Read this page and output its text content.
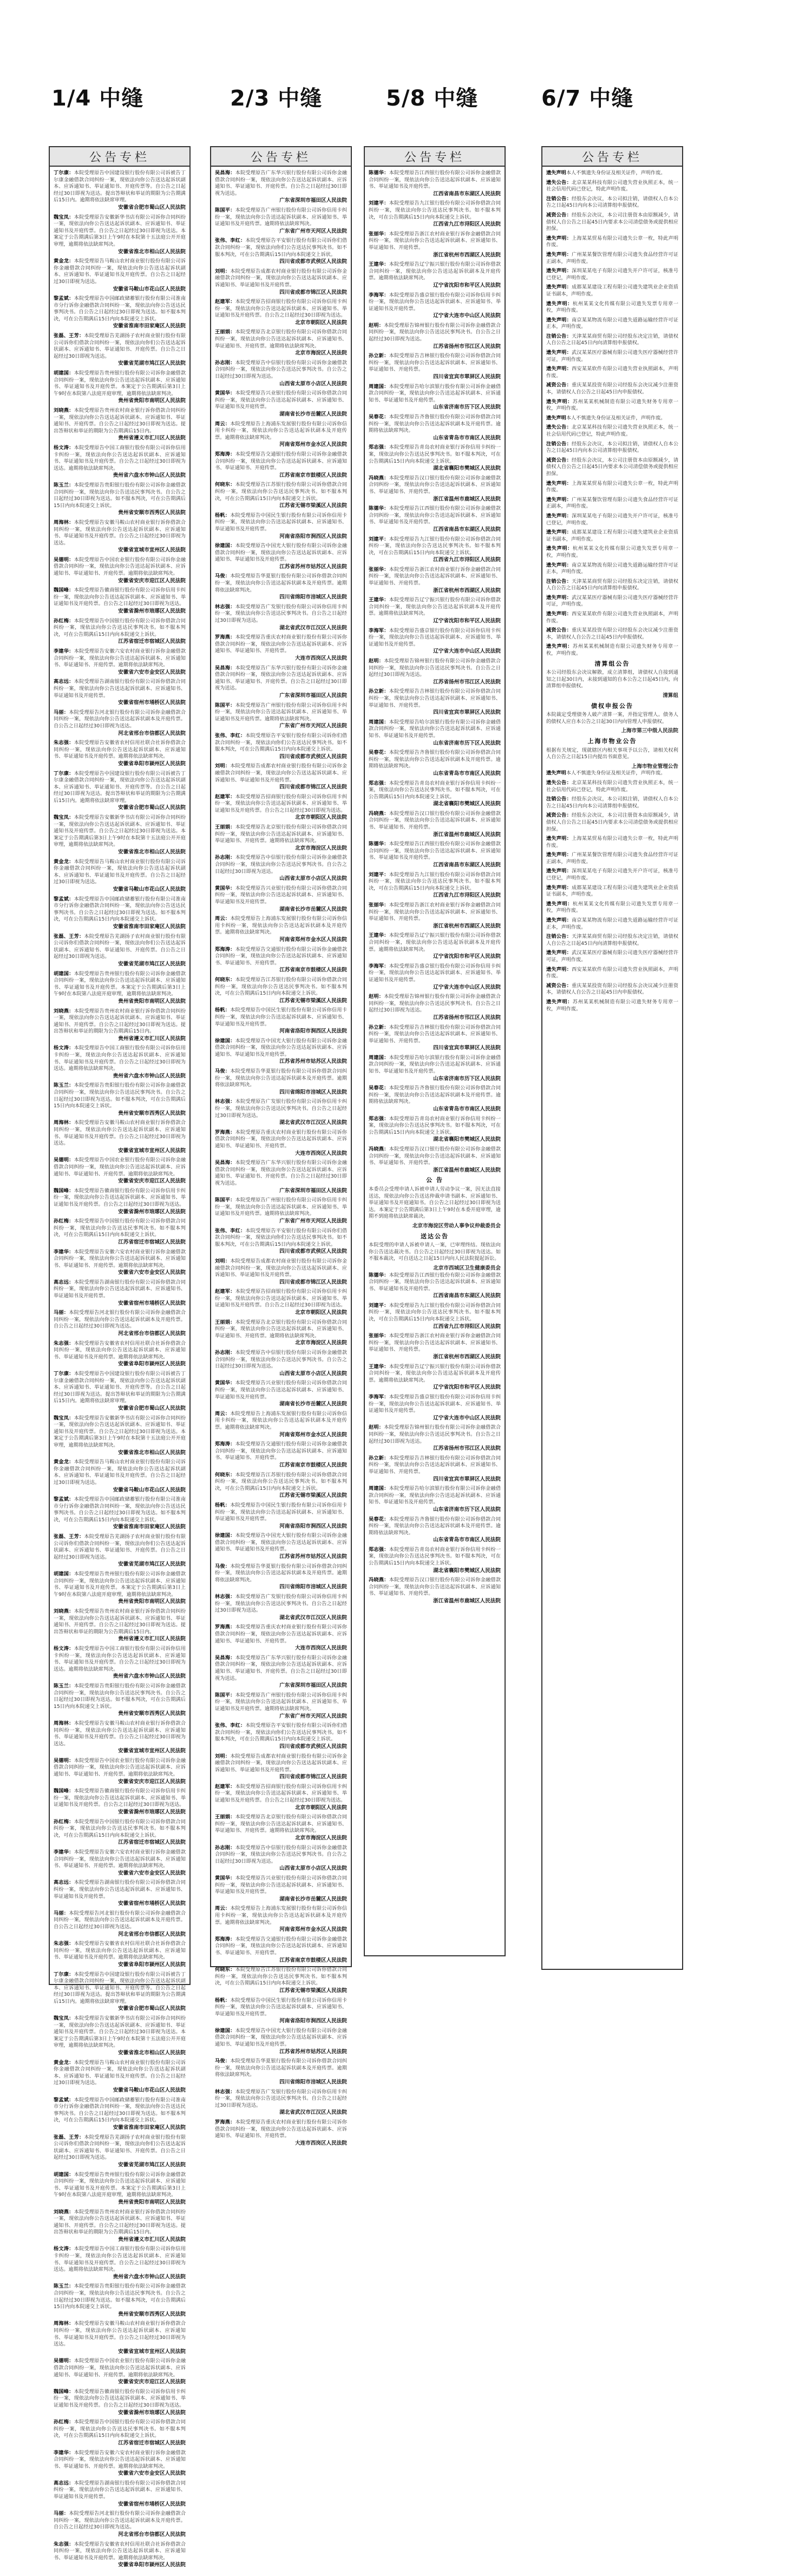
1/4 中缝	2/3 中缝	5/8 中缝	6/7 中缝
公告专栏
丁尔康：本院受理原告中国建设银行股份有限公司诉被告丁尔康金融借款合同纠纷一案，现依法向你公告送达起诉状副本、应诉通知书、举证通知书、开庭传票等。自公告之日起经过30日即视为送达。提出答辩状和举证的期限为公告期满后15日内。逾期将依法缺席审理。
安徽省合肥市蜀山区人民法院
魏宝凤：本院受理原告安徽新华书店有限公司诉你合同纠纷一案，现依法向你公告送达起诉状副本、应诉通知书、举证通知书及开庭传票。自公告之日起经过30日即视为送达。本案定于公告期满后第3日上午9时在本院第十五法庭公开开庭审理，逾期将依法缺席判决。
安徽省淮北市相山区人民法院
黄金龙：本院受理原告马鞍山农村商业银行股份有限公司诉你金融借款合同纠纷一案，现依法向你公告送达起诉状副本、应诉通知书、举证通知书及开庭传票。自公告之日起经过30日即视为送达。
安徽省马鞍山市花山区人民法院
黎孟斌：本院受理原告中国邮政储蓄银行股份有限公司淮南市分行诉你金融借款合同纠纷一案，现依法向你公告送达民事判决书。自公告之日起经过30日即视为送达。如不服本判决，可在公告期满后15日内向本院递交上诉状。
安徽省淮南市田家庵区人民法院
张磊、王芳：本院受理原告芜湖扬子农村商业银行股份有限公司诉你们借款合同纠纷一案，现依法向你们公告送达起诉状副本、应诉通知书、举证通知书、开庭传票。自公告之日起经过30日即视为送达。
安徽省芜湖市鸠江区人民法院
胡建国：本院受理原告贵州银行股份有限公司诉你金融借款合同纠纷一案，现依法向你公告送达起诉状副本、应诉通知书、举证通知书及开庭传票。本案定于公告期满后第3日上午9时在本院第八法庭开庭审理，逾期将依法缺席判决。
贵州省贵阳市南明区人民法院
刘晓燕：本院受理原告贵州农村商业银行诉你借款合同纠纷一案，现依法向你公告送达起诉状副本、应诉通知书、举证通知书、开庭传票。自公告之日起经过30日即视为送达。提出答辩状和举证的期限为公告期满后15日内。
贵州省遵义市汇川区人民法院
杨文涛：本院受理原告中国工商银行股份有限公司诉你信用卡纠纷一案，现依法向你公告送达起诉状副本、应诉通知书、举证通知书及开庭传票。自公告之日起经过30日即视为送达。逾期将依法缺席判决。
贵州省六盘水市钟山区人民法院
陈玉兰：本院受理原告贵阳银行股份有限公司诉你金融借款合同纠纷一案，现依法向你公告送达民事判决书。自公告之日起经过30日即视为送达。如不服本判决，可在公告期满后15日内向本院递交上诉状。
贵州省安顺市西秀区人民法院
周海林：本院受理原告安徽马鞍山农村商业银行诉你借款合同纠纷一案，现依法向你公告送达起诉状副本、应诉通知书、举证通知书及开庭传票。自公告之日起经过30日即视为送达。
安徽省宣城市宣州区人民法院
吴德明：本院受理原告中国农业银行股份有限公司诉你金融借款合同纠纷一案，现依法向你公告送达起诉状副本、应诉通知书、举证通知书、开庭传票。逾期将依法缺席判决。
安徽省安庆市迎江区人民法院
魏国峰：本院受理原告徽商银行股份有限公司诉你信用卡纠纷一案，现依法向你公告送达起诉状副本、应诉通知书、举证通知书及开庭传票。自公告之日起经过30日即视为送达。
安徽省滁州市琅琊区人民法院
孙红梅：本院受理原告中国银行股份有限公司诉你借款合同纠纷一案，现依法向你公告送达民事判决书。如不服本判决，可在公告期满后15日内向本院递交上诉状。
江苏省宿迁市宿城区人民法院
李建华：本院受理原告安徽六安农村商业银行诉你金融借款合同纠纷一案，现依法向你公告送达起诉状副本、应诉通知书、举证通知书、开庭传票。逾期将依法缺席判决。
安徽省六安市金安区人民法院
高志远：本院受理原告湖南银行股份有限公司诉你借款合同纠纷一案，现依法向你公告送达起诉状副本、应诉通知书、举证通知书及开庭传票。
安徽省宿州市埇桥区人民法院
马丽：本院受理原告河北银行股份有限公司诉你金融借款合同纠纷一案，现依法向你公告送达起诉状副本及开庭传票。自公告之日起经过30日即视为送达。
河北省邢台市信都区人民法院
朱志强：本院受理原告安徽省农村信用社联合社诉你借款合同纠纷一案，现依法向你公告送达起诉状副本、应诉通知书、举证通知书及开庭传票。逾期将依法缺席判决。
安徽省阜阳市颍州区人民法院
丁尔康：本院受理原告中国建设银行股份有限公司诉被告丁尔康金融借款合同纠纷一案，现依法向你公告送达起诉状副本、应诉通知书、举证通知书、开庭传票等。自公告之日起经过30日即视为送达。提出答辩状和举证的期限为公告期满后15日内。逾期将依法缺席审理。
安徽省合肥市蜀山区人民法院
魏宝凤：本院受理原告安徽新华书店有限公司诉你合同纠纷一案，现依法向你公告送达起诉状副本、应诉通知书、举证通知书及开庭传票。自公告之日起经过30日即视为送达。本案定于公告期满后第3日上午9时在本院第十五法庭公开开庭审理，逾期将依法缺席判决。
安徽省淮北市相山区人民法院
黄金龙：本院受理原告马鞍山农村商业银行股份有限公司诉你金融借款合同纠纷一案，现依法向你公告送达起诉状副本、应诉通知书、举证通知书及开庭传票。自公告之日起经过30日即视为送达。
安徽省马鞍山市花山区人民法院
黎孟斌：本院受理原告中国邮政储蓄银行股份有限公司淮南市分行诉你金融借款合同纠纷一案，现依法向你公告送达民事判决书。自公告之日起经过30日即视为送达。如不服本判决，可在公告期满后15日内向本院递交上诉状。
安徽省淮南市田家庵区人民法院
张磊、王芳：本院受理原告芜湖扬子农村商业银行股份有限公司诉你们借款合同纠纷一案，现依法向你们公告送达起诉状副本、应诉通知书、举证通知书、开庭传票。自公告之日起经过30日即视为送达。
安徽省芜湖市鸠江区人民法院
胡建国：本院受理原告贵州银行股份有限公司诉你金融借款合同纠纷一案，现依法向你公告送达起诉状副本、应诉通知书、举证通知书及开庭传票。本案定于公告期满后第3日上午9时在本院第八法庭开庭审理，逾期将依法缺席判决。
贵州省贵阳市南明区人民法院
刘晓燕：本院受理原告贵州农村商业银行诉你借款合同纠纷一案，现依法向你公告送达起诉状副本、应诉通知书、举证通知书、开庭传票。自公告之日起经过30日即视为送达。提出答辩状和举证的期限为公告期满后15日内。
贵州省遵义市汇川区人民法院
杨文涛：本院受理原告中国工商银行股份有限公司诉你信用卡纠纷一案，现依法向你公告送达起诉状副本、应诉通知书、举证通知书及开庭传票。自公告之日起经过30日即视为送达。逾期将依法缺席判决。
贵州省六盘水市钟山区人民法院
陈玉兰：本院受理原告贵阳银行股份有限公司诉你金融借款合同纠纷一案，现依法向你公告送达民事判决书。自公告之日起经过30日即视为送达。如不服本判决，可在公告期满后15日内向本院递交上诉状。
贵州省安顺市西秀区人民法院
周海林：本院受理原告安徽马鞍山农村商业银行诉你借款合同纠纷一案，现依法向你公告送达起诉状副本、应诉通知书、举证通知书及开庭传票。自公告之日起经过30日即视为送达。
安徽省宣城市宣州区人民法院
吴德明：本院受理原告中国农业银行股份有限公司诉你金融借款合同纠纷一案，现依法向你公告送达起诉状副本、应诉通知书、举证通知书、开庭传票。逾期将依法缺席判决。
安徽省安庆市迎江区人民法院
魏国峰：本院受理原告徽商银行股份有限公司诉你信用卡纠纷一案，现依法向你公告送达起诉状副本、应诉通知书、举证通知书及开庭传票。自公告之日起经过30日即视为送达。
安徽省滁州市琅琊区人民法院
孙红梅：本院受理原告中国银行股份有限公司诉你借款合同纠纷一案，现依法向你公告送达民事判决书。如不服本判决，可在公告期满后15日内向本院递交上诉状。
江苏省宿迁市宿城区人民法院
李建华：本院受理原告安徽六安农村商业银行诉你金融借款合同纠纷一案，现依法向你公告送达起诉状副本、应诉通知书、举证通知书、开庭传票。逾期将依法缺席判决。
安徽省六安市金安区人民法院
高志远：本院受理原告湖南银行股份有限公司诉你借款合同纠纷一案，现依法向你公告送达起诉状副本、应诉通知书、举证通知书及开庭传票。
安徽省宿州市埇桥区人民法院
马丽：本院受理原告河北银行股份有限公司诉你金融借款合同纠纷一案，现依法向你公告送达起诉状副本及开庭传票。自公告之日起经过30日即视为送达。
河北省邢台市信都区人民法院
朱志强：本院受理原告安徽省农村信用社联合社诉你借款合同纠纷一案，现依法向你公告送达起诉状副本、应诉通知书、举证通知书及开庭传票。逾期将依法缺席判决。
安徽省阜阳市颍州区人民法院
丁尔康：本院受理原告中国建设银行股份有限公司诉被告丁尔康金融借款合同纠纷一案，现依法向你公告送达起诉状副本、应诉通知书、举证通知书、开庭传票等。自公告之日起经过30日即视为送达。提出答辩状和举证的期限为公告期满后15日内。逾期将依法缺席审理。
安徽省合肥市蜀山区人民法院
魏宝凤：本院受理原告安徽新华书店有限公司诉你合同纠纷一案，现依法向你公告送达起诉状副本、应诉通知书、举证通知书及开庭传票。自公告之日起经过30日即视为送达。本案定于公告期满后第3日上午9时在本院第十五法庭公开开庭审理，逾期将依法缺席判决。
安徽省淮北市相山区人民法院
黄金龙：本院受理原告马鞍山农村商业银行股份有限公司诉你金融借款合同纠纷一案，现依法向你公告送达起诉状副本、应诉通知书、举证通知书及开庭传票。自公告之日起经过30日即视为送达。
安徽省马鞍山市花山区人民法院
黎孟斌：本院受理原告中国邮政储蓄银行股份有限公司淮南市分行诉你金融借款合同纠纷一案，现依法向你公告送达民事判决书。自公告之日起经过30日即视为送达。如不服本判决，可在公告期满后15日内向本院递交上诉状。
安徽省淮南市田家庵区人民法院
张磊、王芳：本院受理原告芜湖扬子农村商业银行股份有限公司诉你们借款合同纠纷一案，现依法向你们公告送达起诉状副本、应诉通知书、举证通知书、开庭传票。自公告之日起经过30日即视为送达。
安徽省芜湖市鸠江区人民法院
胡建国：本院受理原告贵州银行股份有限公司诉你金融借款合同纠纷一案，现依法向你公告送达起诉状副本、应诉通知书、举证通知书及开庭传票。本案定于公告期满后第3日上午9时在本院第八法庭开庭审理，逾期将依法缺席判决。
贵州省贵阳市南明区人民法院
刘晓燕：本院受理原告贵州农村商业银行诉你借款合同纠纷一案，现依法向你公告送达起诉状副本、应诉通知书、举证通知书、开庭传票。自公告之日起经过30日即视为送达。提出答辩状和举证的期限为公告期满后15日内。
贵州省遵义市汇川区人民法院
杨文涛：本院受理原告中国工商银行股份有限公司诉你信用卡纠纷一案，现依法向你公告送达起诉状副本、应诉通知书、举证通知书及开庭传票。自公告之日起经过30日即视为送达。逾期将依法缺席判决。
贵州省六盘水市钟山区人民法院
陈玉兰：本院受理原告贵阳银行股份有限公司诉你金融借款合同纠纷一案，现依法向你公告送达民事判决书。自公告之日起经过30日即视为送达。如不服本判决，可在公告期满后15日内向本院递交上诉状。
贵州省安顺市西秀区人民法院
周海林：本院受理原告安徽马鞍山农村商业银行诉你借款合同纠纷一案，现依法向你公告送达起诉状副本、应诉通知书、举证通知书及开庭传票。自公告之日起经过30日即视为送达。
安徽省宣城市宣州区人民法院
吴德明：本院受理原告中国农业银行股份有限公司诉你金融借款合同纠纷一案，现依法向你公告送达起诉状副本、应诉通知书、举证通知书、开庭传票。逾期将依法缺席判决。
安徽省安庆市迎江区人民法院
魏国峰：本院受理原告徽商银行股份有限公司诉你信用卡纠纷一案，现依法向你公告送达起诉状副本、应诉通知书、举证通知书及开庭传票。自公告之日起经过30日即视为送达。
安徽省滁州市琅琊区人民法院
孙红梅：本院受理原告中国银行股份有限公司诉你借款合同纠纷一案，现依法向你公告送达民事判决书。如不服本判决，可在公告期满后15日内向本院递交上诉状。
江苏省宿迁市宿城区人民法院
李建华：本院受理原告安徽六安农村商业银行诉你金融借款合同纠纷一案，现依法向你公告送达起诉状副本、应诉通知书、举证通知书、开庭传票。逾期将依法缺席判决。
安徽省六安市金安区人民法院
高志远：本院受理原告湖南银行股份有限公司诉你借款合同纠纷一案，现依法向你公告送达起诉状副本、应诉通知书、举证通知书及开庭传票。
安徽省宿州市埇桥区人民法院
马丽：本院受理原告河北银行股份有限公司诉你金融借款合同纠纷一案，现依法向你公告送达起诉状副本及开庭传票。自公告之日起经过30日即视为送达。
河北省邢台市信都区人民法院
朱志强：本院受理原告安徽省农村信用社联合社诉你借款合同纠纷一案，现依法向你公告送达起诉状副本、应诉通知书、举证通知书及开庭传票。逾期将依法缺席判决。
安徽省阜阳市颍州区人民法院
丁尔康：本院受理原告中国建设银行股份有限公司诉被告丁尔康金融借款合同纠纷一案，现依法向你公告送达起诉状副本、应诉通知书、举证通知书、开庭传票等。自公告之日起经过30日即视为送达。提出答辩状和举证的期限为公告期满后15日内。逾期将依法缺席审理。
安徽省合肥市蜀山区人民法院
魏宝凤：本院受理原告安徽新华书店有限公司诉你合同纠纷一案，现依法向你公告送达起诉状副本、应诉通知书、举证通知书及开庭传票。自公告之日起经过30日即视为送达。本案定于公告期满后第3日上午9时在本院第十五法庭公开开庭审理，逾期将依法缺席判决。
安徽省淮北市相山区人民法院
黄金龙：本院受理原告马鞍山农村商业银行股份有限公司诉你金融借款合同纠纷一案，现依法向你公告送达起诉状副本、应诉通知书、举证通知书及开庭传票。自公告之日起经过30日即视为送达。
安徽省马鞍山市花山区人民法院
黎孟斌：本院受理原告中国邮政储蓄银行股份有限公司淮南市分行诉你金融借款合同纠纷一案，现依法向你公告送达民事判决书。自公告之日起经过30日即视为送达。如不服本判决，可在公告期满后15日内向本院递交上诉状。
安徽省淮南市田家庵区人民法院
张磊、王芳：本院受理原告芜湖扬子农村商业银行股份有限公司诉你们借款合同纠纷一案，现依法向你们公告送达起诉状副本、应诉通知书、举证通知书、开庭传票。自公告之日起经过30日即视为送达。
安徽省芜湖市鸠江区人民法院
胡建国：本院受理原告贵州银行股份有限公司诉你金融借款合同纠纷一案，现依法向你公告送达起诉状副本、应诉通知书、举证通知书及开庭传票。本案定于公告期满后第3日上午9时在本院第八法庭开庭审理，逾期将依法缺席判决。
贵州省贵阳市南明区人民法院
刘晓燕：本院受理原告贵州农村商业银行诉你借款合同纠纷一案，现依法向你公告送达起诉状副本、应诉通知书、举证通知书、开庭传票。自公告之日起经过30日即视为送达。提出答辩状和举证的期限为公告期满后15日内。
贵州省遵义市汇川区人民法院
杨文涛：本院受理原告中国工商银行股份有限公司诉你信用卡纠纷一案，现依法向你公告送达起诉状副本、应诉通知书、举证通知书及开庭传票。自公告之日起经过30日即视为送达。逾期将依法缺席判决。
贵州省六盘水市钟山区人民法院
陈玉兰：本院受理原告贵阳银行股份有限公司诉你金融借款合同纠纷一案，现依法向你公告送达民事判决书。自公告之日起经过30日即视为送达。如不服本判决，可在公告期满后15日内向本院递交上诉状。
贵州省安顺市西秀区人民法院
周海林：本院受理原告安徽马鞍山农村商业银行诉你借款合同纠纷一案，现依法向你公告送达起诉状副本、应诉通知书、举证通知书及开庭传票。自公告之日起经过30日即视为送达。
安徽省宣城市宣州区人民法院
吴德明：本院受理原告中国农业银行股份有限公司诉你金融借款合同纠纷一案，现依法向你公告送达起诉状副本、应诉通知书、举证通知书、开庭传票。逾期将依法缺席判决。
安徽省安庆市迎江区人民法院
魏国峰：本院受理原告徽商银行股份有限公司诉你信用卡纠纷一案，现依法向你公告送达起诉状副本、应诉通知书、举证通知书及开庭传票。自公告之日起经过30日即视为送达。
安徽省滁州市琅琊区人民法院
孙红梅：本院受理原告中国银行股份有限公司诉你借款合同纠纷一案，现依法向你公告送达民事判决书。如不服本判决，可在公告期满后15日内向本院递交上诉状。
江苏省宿迁市宿城区人民法院
李建华：本院受理原告安徽六安农村商业银行诉你金融借款合同纠纷一案，现依法向你公告送达起诉状副本、应诉通知书、举证通知书、开庭传票。逾期将依法缺席判决。
安徽省六安市金安区人民法院
高志远：本院受理原告湖南银行股份有限公司诉你借款合同纠纷一案，现依法向你公告送达起诉状副本、应诉通知书、举证通知书及开庭传票。
安徽省宿州市埇桥区人民法院
马丽：本院受理原告河北银行股份有限公司诉你金融借款合同纠纷一案，现依法向你公告送达起诉状副本及开庭传票。自公告之日起经过30日即视为送达。
河北省邢台市信都区人民法院
朱志强：本院受理原告安徽省农村信用社联合社诉你借款合同纠纷一案，现依法向你公告送达起诉状副本、应诉通知书、举证通知书及开庭传票。逾期将依法缺席判决。
安徽省阜阳市颍州区人民法院
公告专栏
吴昌海：本院受理原告广东华兴银行股份有限公司诉你金融借款合同纠纷一案，现依法向你公告送达起诉状副本、应诉通知书、举证通知书、开庭传票。自公告之日起经过30日即视为送达。
广东省深圳市福田区人民法院
陈国平：本院受理原告广州银行股份有限公司诉你信用卡纠纷一案，现依法向你公告送达起诉状副本、应诉通知书、举证通知书及开庭传票。逾期将依法缺席判决。
广东省广州市天河区人民法院
张伟、李红：本院受理原告平安银行股份有限公司诉你们借款合同纠纷一案，现依法向你们公告送达民事判决书。如不服本判决，可在公告期满后15日内向本院递交上诉状。
四川省成都市武侯区人民法院
刘明：本院受理原告成都农村商业银行股份有限公司诉你金融借款合同纠纷一案，现依法向你公告送达起诉状副本、应诉通知书、举证通知书及开庭传票。
四川省成都市锦江区人民法院
赵建军：本院受理原告招商银行股份有限公司诉你信用卡纠纷一案，现依法向你公告送达起诉状副本、应诉通知书、举证通知书及开庭传票。自公告之日起经过30日即视为送达。
北京市朝阳区人民法院
王丽娟：本院受理原告北京银行股份有限公司诉你借款合同纠纷一案，现依法向你公告送达起诉状副本、应诉通知书、举证通知书、开庭传票。逾期将依法缺席判决。
北京市海淀区人民法院
孙志刚：本院受理原告中信银行股份有限公司诉你金融借款合同纠纷一案，现依法向你公告送达民事判决书。自公告之日起经过30日即视为送达。
山西省太原市小店区人民法院
黄国华：本院受理原告兴业银行股份有限公司诉你借款合同纠纷一案，现依法向你公告送达起诉状副本、应诉通知书、举证通知书及开庭传票。
湖南省长沙市岳麓区人民法院
周云：本院受理原告上海浦东发展银行股份有限公司诉你信用卡纠纷一案，现依法向你公告送达起诉状副本及开庭传票。逾期将依法缺席判决。
河南省郑州市金水区人民法院
郑海涛：本院受理原告交通银行股份有限公司诉你金融借款合同纠纷一案，现依法向你公告送达起诉状副本、应诉通知书、举证通知书、开庭传票。
江苏省南京市鼓楼区人民法院
何晓东：本院受理原告江苏银行股份有限公司诉你借款合同纠纷一案，现依法向你公告送达民事判决书。如不服本判决，可在公告期满后15日内向本院递交上诉状。
江苏省无锡市梁溪区人民法院
杨帆：本院受理原告中国民生银行股份有限公司诉你信用卡纠纷一案，现依法向你公告送达起诉状副本、应诉通知书、举证通知书及开庭传票。
河南省洛阳市涧西区人民法院
徐建国：本院受理原告中国光大银行股份有限公司诉你金融借款合同纠纷一案，现依法向你公告送达起诉状副本、应诉通知书、举证通知书及开庭传票。
江苏省苏州市姑苏区人民法院
马俊：本院受理原告华夏银行股份有限公司诉你借款合同纠纷一案，现依法向你公告送达起诉状副本及开庭传票。逾期将依法缺席判决。
四川省绵阳市涪城区人民法院
林志强：本院受理原告广发银行股份有限公司诉你信用卡纠纷一案，现依法向你公告送达民事判决书。自公告之日起经过30日即视为送达。
湖北省武汉市江汉区人民法院
罗海燕：本院受理原告重庆农村商业银行股份有限公司诉你借款合同纠纷一案，现依法向你公告送达起诉状副本、应诉通知书、举证通知书、开庭传票。
大连市西岗区人民法院
吴昌海：本院受理原告广东华兴银行股份有限公司诉你金融借款合同纠纷一案，现依法向你公告送达起诉状副本、应诉通知书、举证通知书、开庭传票。自公告之日起经过30日即视为送达。
广东省深圳市福田区人民法院
陈国平：本院受理原告广州银行股份有限公司诉你信用卡纠纷一案，现依法向你公告送达起诉状副本、应诉通知书、举证通知书及开庭传票。逾期将依法缺席判决。
广东省广州市天河区人民法院
张伟、李红：本院受理原告平安银行股份有限公司诉你们借款合同纠纷一案，现依法向你们公告送达民事判决书。如不服本判决，可在公告期满后15日内向本院递交上诉状。
四川省成都市武侯区人民法院
刘明：本院受理原告成都农村商业银行股份有限公司诉你金融借款合同纠纷一案，现依法向你公告送达起诉状副本、应诉通知书、举证通知书及开庭传票。
四川省成都市锦江区人民法院
赵建军：本院受理原告招商银行股份有限公司诉你信用卡纠纷一案，现依法向你公告送达起诉状副本、应诉通知书、举证通知书及开庭传票。自公告之日起经过30日即视为送达。
北京市朝阳区人民法院
王丽娟：本院受理原告北京银行股份有限公司诉你借款合同纠纷一案，现依法向你公告送达起诉状副本、应诉通知书、举证通知书、开庭传票。逾期将依法缺席判决。
北京市海淀区人民法院
孙志刚：本院受理原告中信银行股份有限公司诉你金融借款合同纠纷一案，现依法向你公告送达民事判决书。自公告之日起经过30日即视为送达。
山西省太原市小店区人民法院
黄国华：本院受理原告兴业银行股份有限公司诉你借款合同纠纷一案，现依法向你公告送达起诉状副本、应诉通知书、举证通知书及开庭传票。
湖南省长沙市岳麓区人民法院
周云：本院受理原告上海浦东发展银行股份有限公司诉你信用卡纠纷一案，现依法向你公告送达起诉状副本及开庭传票。逾期将依法缺席判决。
河南省郑州市金水区人民法院
郑海涛：本院受理原告交通银行股份有限公司诉你金融借款合同纠纷一案，现依法向你公告送达起诉状副本、应诉通知书、举证通知书、开庭传票。
江苏省南京市鼓楼区人民法院
何晓东：本院受理原告江苏银行股份有限公司诉你借款合同纠纷一案，现依法向你公告送达民事判决书。如不服本判决，可在公告期满后15日内向本院递交上诉状。
江苏省无锡市梁溪区人民法院
杨帆：本院受理原告中国民生银行股份有限公司诉你信用卡纠纷一案，现依法向你公告送达起诉状副本、应诉通知书、举证通知书及开庭传票。
河南省洛阳市涧西区人民法院
徐建国：本院受理原告中国光大银行股份有限公司诉你金融借款合同纠纷一案，现依法向你公告送达起诉状副本、应诉通知书、举证通知书及开庭传票。
江苏省苏州市姑苏区人民法院
马俊：本院受理原告华夏银行股份有限公司诉你借款合同纠纷一案，现依法向你公告送达起诉状副本及开庭传票。逾期将依法缺席判决。
四川省绵阳市涪城区人民法院
林志强：本院受理原告广发银行股份有限公司诉你信用卡纠纷一案，现依法向你公告送达民事判决书。自公告之日起经过30日即视为送达。
湖北省武汉市江汉区人民法院
罗海燕：本院受理原告重庆农村商业银行股份有限公司诉你借款合同纠纷一案，现依法向你公告送达起诉状副本、应诉通知书、举证通知书、开庭传票。
大连市西岗区人民法院
吴昌海：本院受理原告广东华兴银行股份有限公司诉你金融借款合同纠纷一案，现依法向你公告送达起诉状副本、应诉通知书、举证通知书、开庭传票。自公告之日起经过30日即视为送达。
广东省深圳市福田区人民法院
陈国平：本院受理原告广州银行股份有限公司诉你信用卡纠纷一案，现依法向你公告送达起诉状副本、应诉通知书、举证通知书及开庭传票。逾期将依法缺席判决。
广东省广州市天河区人民法院
张伟、李红：本院受理原告平安银行股份有限公司诉你们借款合同纠纷一案，现依法向你们公告送达民事判决书。如不服本判决，可在公告期满后15日内向本院递交上诉状。
四川省成都市武侯区人民法院
刘明：本院受理原告成都农村商业银行股份有限公司诉你金融借款合同纠纷一案，现依法向你公告送达起诉状副本、应诉通知书、举证通知书及开庭传票。
四川省成都市锦江区人民法院
赵建军：本院受理原告招商银行股份有限公司诉你信用卡纠纷一案，现依法向你公告送达起诉状副本、应诉通知书、举证通知书及开庭传票。自公告之日起经过30日即视为送达。
北京市朝阳区人民法院
王丽娟：本院受理原告北京银行股份有限公司诉你借款合同纠纷一案，现依法向你公告送达起诉状副本、应诉通知书、举证通知书、开庭传票。逾期将依法缺席判决。
北京市海淀区人民法院
孙志刚：本院受理原告中信银行股份有限公司诉你金融借款合同纠纷一案，现依法向你公告送达民事判决书。自公告之日起经过30日即视为送达。
山西省太原市小店区人民法院
黄国华：本院受理原告兴业银行股份有限公司诉你借款合同纠纷一案，现依法向你公告送达起诉状副本、应诉通知书、举证通知书及开庭传票。
湖南省长沙市岳麓区人民法院
周云：本院受理原告上海浦东发展银行股份有限公司诉你信用卡纠纷一案，现依法向你公告送达起诉状副本及开庭传票。逾期将依法缺席判决。
河南省郑州市金水区人民法院
郑海涛：本院受理原告交通银行股份有限公司诉你金融借款合同纠纷一案，现依法向你公告送达起诉状副本、应诉通知书、举证通知书、开庭传票。
江苏省南京市鼓楼区人民法院
何晓东：本院受理原告江苏银行股份有限公司诉你借款合同纠纷一案，现依法向你公告送达民事判决书。如不服本判决，可在公告期满后15日内向本院递交上诉状。
江苏省无锡市梁溪区人民法院
杨帆：本院受理原告中国民生银行股份有限公司诉你信用卡纠纷一案，现依法向你公告送达起诉状副本、应诉通知书、举证通知书及开庭传票。
河南省洛阳市涧西区人民法院
徐建国：本院受理原告中国光大银行股份有限公司诉你金融借款合同纠纷一案，现依法向你公告送达起诉状副本、应诉通知书、举证通知书及开庭传票。
江苏省苏州市姑苏区人民法院
马俊：本院受理原告华夏银行股份有限公司诉你借款合同纠纷一案，现依法向你公告送达起诉状副本及开庭传票。逾期将依法缺席判决。
四川省绵阳市涪城区人民法院
林志强：本院受理原告广发银行股份有限公司诉你信用卡纠纷一案，现依法向你公告送达民事判决书。自公告之日起经过30日即视为送达。
湖北省武汉市江汉区人民法院
罗海燕：本院受理原告重庆农村商业银行股份有限公司诉你借款合同纠纷一案，现依法向你公告送达起诉状副本、应诉通知书、举证通知书、开庭传票。
大连市西岗区人民法院
吴昌海：本院受理原告广东华兴银行股份有限公司诉你金融借款合同纠纷一案，现依法向你公告送达起诉状副本、应诉通知书、举证通知书、开庭传票。自公告之日起经过30日即视为送达。
广东省深圳市福田区人民法院
陈国平：本院受理原告广州银行股份有限公司诉你信用卡纠纷一案，现依法向你公告送达起诉状副本、应诉通知书、举证通知书及开庭传票。逾期将依法缺席判决。
广东省广州市天河区人民法院
张伟、李红：本院受理原告平安银行股份有限公司诉你们借款合同纠纷一案，现依法向你们公告送达民事判决书。如不服本判决，可在公告期满后15日内向本院递交上诉状。
四川省成都市武侯区人民法院
刘明：本院受理原告成都农村商业银行股份有限公司诉你金融借款合同纠纷一案，现依法向你公告送达起诉状副本、应诉通知书、举证通知书及开庭传票。
四川省成都市锦江区人民法院
赵建军：本院受理原告招商银行股份有限公司诉你信用卡纠纷一案，现依法向你公告送达起诉状副本、应诉通知书、举证通知书及开庭传票。自公告之日起经过30日即视为送达。
北京市朝阳区人民法院
王丽娟：本院受理原告北京银行股份有限公司诉你借款合同纠纷一案，现依法向你公告送达起诉状副本、应诉通知书、举证通知书、开庭传票。逾期将依法缺席判决。
北京市海淀区人民法院
孙志刚：本院受理原告中信银行股份有限公司诉你金融借款合同纠纷一案，现依法向你公告送达民事判决书。自公告之日起经过30日即视为送达。
山西省太原市小店区人民法院
黄国华：本院受理原告兴业银行股份有限公司诉你借款合同纠纷一案，现依法向你公告送达起诉状副本、应诉通知书、举证通知书及开庭传票。
湖南省长沙市岳麓区人民法院
周云：本院受理原告上海浦东发展银行股份有限公司诉你信用卡纠纷一案，现依法向你公告送达起诉状副本及开庭传票。逾期将依法缺席判决。
河南省郑州市金水区人民法院
郑海涛：本院受理原告交通银行股份有限公司诉你金融借款合同纠纷一案，现依法向你公告送达起诉状副本、应诉通知书、举证通知书、开庭传票。
江苏省南京市鼓楼区人民法院
何晓东：本院受理原告江苏银行股份有限公司诉你借款合同纠纷一案，现依法向你公告送达民事判决书。如不服本判决，可在公告期满后15日内向本院递交上诉状。
江苏省无锡市梁溪区人民法院
杨帆：本院受理原告中国民生银行股份有限公司诉你信用卡纠纷一案，现依法向你公告送达起诉状副本、应诉通知书、举证通知书及开庭传票。
河南省洛阳市涧西区人民法院
徐建国：本院受理原告中国光大银行股份有限公司诉你金融借款合同纠纷一案，现依法向你公告送达起诉状副本、应诉通知书、举证通知书及开庭传票。
江苏省苏州市姑苏区人民法院
马俊：本院受理原告华夏银行股份有限公司诉你借款合同纠纷一案，现依法向你公告送达起诉状副本及开庭传票。逾期将依法缺席判决。
四川省绵阳市涪城区人民法院
林志强：本院受理原告广发银行股份有限公司诉你信用卡纠纷一案，现依法向你公告送达民事判决书。自公告之日起经过30日即视为送达。
湖北省武汉市江汉区人民法院
罗海燕：本院受理原告重庆农村商业银行股份有限公司诉你借款合同纠纷一案，现依法向你公告送达起诉状副本、应诉通知书、举证通知书、开庭传票。
大连市西岗区人民法院
公告专栏
陈德华：本院受理原告江西银行股份有限公司诉你金融借款合同纠纷一案，现依法向你公告送达起诉状副本、应诉通知书、举证通知书及开庭传票。
江西省南昌市东湖区人民法院
刘建平：本院受理原告九江银行股份有限公司诉你借款合同纠纷一案，现依法向你公告送达民事判决书。如不服本判决，可在公告期满后15日内向本院递交上诉状。
江西省九江市浔阳区人民法院
张丽华：本院受理原告浙江农村商业银行诉你金融借款合同纠纷一案，现依法向你公告送达起诉状副本、应诉通知书、举证通知书、开庭传票。
浙江省杭州市西湖区人民法院
王建华：本院受理原告辽宁振兴银行股份有限公司诉你借款合同纠纷一案，现依法向你公告送达起诉状副本及开庭传票。逾期将依法缺席判决。
辽宁省沈阳市和平区人民法院
李海军：本院受理原告盛京银行股份有限公司诉你信用卡纠纷一案，现依法向你公告送达起诉状副本、应诉通知书、举证通知书及开庭传票。
辽宁省大连市中山区人民法院
赵明：本院受理原告锦州银行股份有限公司诉你金融借款合同纠纷一案，现依法向你公告送达民事判决书。自公告之日起经过30日即视为送达。
江苏省扬州市邗江区人民法院
孙立新：本院受理原告吉林银行股份有限公司诉你借款合同纠纷一案，现依法向你公告送达起诉状副本、应诉通知书、举证通知书、开庭传票。
四川省宜宾市翠屏区人民法院
周建国：本院受理原告哈尔滨银行股份有限公司诉你金融借款合同纠纷一案，现依法向你公告送达起诉状副本、应诉通知书、举证通知书及开庭传票。
山东省济南市历下区人民法院
吴春花：本院受理原告齐鲁银行股份有限公司诉你借款合同纠纷一案，现依法向你公告送达起诉状副本及开庭传票。逾期将依法缺席判决。
山东省青岛市市南区人民法院
郑志强：本院受理原告青岛农村商业银行诉你信用卡纠纷一案，现依法向你公告送达民事判决书。如不服本判决，可在公告期满后15日内向本院递交上诉状。
湖北省襄阳市樊城区人民法院
冯晓燕：本院受理原告汉口银行股份有限公司诉你金融借款合同纠纷一案，现依法向你公告送达起诉状副本、应诉通知书、举证通知书、开庭传票。
浙江省温州市鹿城区人民法院
陈德华：本院受理原告江西银行股份有限公司诉你金融借款合同纠纷一案，现依法向你公告送达起诉状副本、应诉通知书、举证通知书及开庭传票。
江西省南昌市东湖区人民法院
刘建平：本院受理原告九江银行股份有限公司诉你借款合同纠纷一案，现依法向你公告送达民事判决书。如不服本判决，可在公告期满后15日内向本院递交上诉状。
江西省九江市浔阳区人民法院
张丽华：本院受理原告浙江农村商业银行诉你金融借款合同纠纷一案，现依法向你公告送达起诉状副本、应诉通知书、举证通知书、开庭传票。
浙江省杭州市西湖区人民法院
王建华：本院受理原告辽宁振兴银行股份有限公司诉你借款合同纠纷一案，现依法向你公告送达起诉状副本及开庭传票。逾期将依法缺席判决。
辽宁省沈阳市和平区人民法院
李海军：本院受理原告盛京银行股份有限公司诉你信用卡纠纷一案，现依法向你公告送达起诉状副本、应诉通知书、举证通知书及开庭传票。
辽宁省大连市中山区人民法院
赵明：本院受理原告锦州银行股份有限公司诉你金融借款合同纠纷一案，现依法向你公告送达民事判决书。自公告之日起经过30日即视为送达。
江苏省扬州市邗江区人民法院
孙立新：本院受理原告吉林银行股份有限公司诉你借款合同纠纷一案，现依法向你公告送达起诉状副本、应诉通知书、举证通知书、开庭传票。
四川省宜宾市翠屏区人民法院
周建国：本院受理原告哈尔滨银行股份有限公司诉你金融借款合同纠纷一案，现依法向你公告送达起诉状副本、应诉通知书、举证通知书及开庭传票。
山东省济南市历下区人民法院
吴春花：本院受理原告齐鲁银行股份有限公司诉你借款合同纠纷一案，现依法向你公告送达起诉状副本及开庭传票。逾期将依法缺席判决。
山东省青岛市市南区人民法院
郑志强：本院受理原告青岛农村商业银行诉你信用卡纠纷一案，现依法向你公告送达民事判决书。如不服本判决，可在公告期满后15日内向本院递交上诉状。
湖北省襄阳市樊城区人民法院
冯晓燕：本院受理原告汉口银行股份有限公司诉你金融借款合同纠纷一案，现依法向你公告送达起诉状副本、应诉通知书、举证通知书、开庭传票。
浙江省温州市鹿城区人民法院
陈德华：本院受理原告江西银行股份有限公司诉你金融借款合同纠纷一案，现依法向你公告送达起诉状副本、应诉通知书、举证通知书及开庭传票。
江西省南昌市东湖区人民法院
刘建平：本院受理原告九江银行股份有限公司诉你借款合同纠纷一案，现依法向你公告送达民事判决书。如不服本判决，可在公告期满后15日内向本院递交上诉状。
江西省九江市浔阳区人民法院
张丽华：本院受理原告浙江农村商业银行诉你金融借款合同纠纷一案，现依法向你公告送达起诉状副本、应诉通知书、举证通知书、开庭传票。
浙江省杭州市西湖区人民法院
王建华：本院受理原告辽宁振兴银行股份有限公司诉你借款合同纠纷一案，现依法向你公告送达起诉状副本及开庭传票。逾期将依法缺席判决。
辽宁省沈阳市和平区人民法院
李海军：本院受理原告盛京银行股份有限公司诉你信用卡纠纷一案，现依法向你公告送达起诉状副本、应诉通知书、举证通知书及开庭传票。
辽宁省大连市中山区人民法院
赵明：本院受理原告锦州银行股份有限公司诉你金融借款合同纠纷一案，现依法向你公告送达民事判决书。自公告之日起经过30日即视为送达。
江苏省扬州市邗江区人民法院
孙立新：本院受理原告吉林银行股份有限公司诉你借款合同纠纷一案，现依法向你公告送达起诉状副本、应诉通知书、举证通知书、开庭传票。
四川省宜宾市翠屏区人民法院
周建国：本院受理原告哈尔滨银行股份有限公司诉你金融借款合同纠纷一案，现依法向你公告送达起诉状副本、应诉通知书、举证通知书及开庭传票。
山东省济南市历下区人民法院
吴春花：本院受理原告齐鲁银行股份有限公司诉你借款合同纠纷一案，现依法向你公告送达起诉状副本及开庭传票。逾期将依法缺席判决。
山东省青岛市市南区人民法院
郑志强：本院受理原告青岛农村商业银行诉你信用卡纠纷一案，现依法向你公告送达民事判决书。如不服本判决，可在公告期满后15日内向本院递交上诉状。
湖北省襄阳市樊城区人民法院
冯晓燕：本院受理原告汉口银行股份有限公司诉你金融借款合同纠纷一案，现依法向你公告送达起诉状副本、应诉通知书、举证通知书、开庭传票。
浙江省温州市鹿城区人民法院
公 告
本委员会受理申请人诉被申请人劳动争议一案，因无法直接送达，现依法向你公告送达仲裁申请书副本、应诉通知书、举证通知书及开庭通知书。自公告之日起经过30日即视为送达。本案定于公告期满后第3日上午9时在本委开庭审理，逾期不到庭将依法缺席裁决。
北京市海淀区劳动人事争议仲裁委员会
送达公告
本院受理的申请人诉被申请人一案，已审理终结。现依法向你公告送达裁决书。自公告之日起经过30日即视为送达。如不服本裁决，可自送达之日起15日内向人民法院提起诉讼。
北京市西城区卫生健康委员会
陈德华：本院受理原告江西银行股份有限公司诉你金融借款合同纠纷一案，现依法向你公告送达起诉状副本、应诉通知书、举证通知书及开庭传票。
江西省南昌市东湖区人民法院
刘建平：本院受理原告九江银行股份有限公司诉你借款合同纠纷一案，现依法向你公告送达民事判决书。如不服本判决，可在公告期满后15日内向本院递交上诉状。
江西省九江市浔阳区人民法院
张丽华：本院受理原告浙江农村商业银行诉你金融借款合同纠纷一案，现依法向你公告送达起诉状副本、应诉通知书、举证通知书、开庭传票。
浙江省杭州市西湖区人民法院
王建华：本院受理原告辽宁振兴银行股份有限公司诉你借款合同纠纷一案，现依法向你公告送达起诉状副本及开庭传票。逾期将依法缺席判决。
辽宁省沈阳市和平区人民法院
李海军：本院受理原告盛京银行股份有限公司诉你信用卡纠纷一案，现依法向你公告送达起诉状副本、应诉通知书、举证通知书及开庭传票。
辽宁省大连市中山区人民法院
赵明：本院受理原告锦州银行股份有限公司诉你金融借款合同纠纷一案，现依法向你公告送达民事判决书。自公告之日起经过30日即视为送达。
江苏省扬州市邗江区人民法院
孙立新：本院受理原告吉林银行股份有限公司诉你借款合同纠纷一案，现依法向你公告送达起诉状副本、应诉通知书、举证通知书、开庭传票。
四川省宜宾市翠屏区人民法院
周建国：本院受理原告哈尔滨银行股份有限公司诉你金融借款合同纠纷一案，现依法向你公告送达起诉状副本、应诉通知书、举证通知书及开庭传票。
山东省济南市历下区人民法院
吴春花：本院受理原告齐鲁银行股份有限公司诉你借款合同纠纷一案，现依法向你公告送达起诉状副本及开庭传票。逾期将依法缺席判决。
山东省青岛市市南区人民法院
郑志强：本院受理原告青岛农村商业银行诉你信用卡纠纷一案，现依法向你公告送达民事判决书。如不服本判决，可在公告期满后15日内向本院递交上诉状。
湖北省襄阳市樊城区人民法院
冯晓燕：本院受理原告汉口银行股份有限公司诉你金融借款合同纠纷一案，现依法向你公告送达起诉状副本、应诉通知书、举证通知书、开庭传票。
浙江省温州市鹿城区人民法院
公告专栏
遗失声明本人不慎遗失身份证及相关证件，声明作废。
遗失公告：北京某某科技有限公司遗失营业执照正本，统一社会信用代码已登记，特此声明作废。
注销公告：经股东会决议，本公司拟注销，请债权人自本公告之日起45日内向本公司清算组申报债权。
减资公告：经股东会决议，本公司注册资本由原额减少，请债权人自公告之日起45日内要求本公司清偿债务或提供相应担保。
遗失声明：上海某某贸易有限公司遗失公章一枚，特此声明作废。
遗失声明：广州某某餐饮管理有限公司遗失食品经营许可证正副本，声明作废。
遗失声明：深圳某某电子有限公司遗失开户许可证，核准号已登记，声明作废。
遗失声明：成都某某建设工程有限公司遗失建筑业企业资质证书副本，声明作废。
遗失声明：杭州某某文化传媒有限公司遗失发票专用章一枚，声明作废。
遗失声明：南京某某物流有限公司遗失道路运输经营许可证正本，声明作废。
注销公告：天津某某商贸有限公司经股东决定注销，请债权人自公告之日起45日内向清算组申报债权。
遗失声明：武汉某某医疗器械有限公司遗失医疗器械经营许可证，声明作废。
遗失声明：西安某某软件有限公司遗失营业执照副本，声明作废。
减资公告：重庆某某投资有限公司经股东会决议减少注册资本，请债权人自公告之日起45日内申报债权。
遗失声明：苏州某某机械制造有限公司遗失财务专用章一枚，声明作废。
遗失声明本人不慎遗失身份证及相关证件，声明作废。
遗失公告：北京某某科技有限公司遗失营业执照正本，统一社会信用代码已登记，特此声明作废。
注销公告：经股东会决议，本公司拟注销，请债权人自本公告之日起45日内向本公司清算组申报债权。
减资公告：经股东会决议，本公司注册资本由原额减少，请债权人自公告之日起45日内要求本公司清偿债务或提供相应担保。
遗失声明：上海某某贸易有限公司遗失公章一枚，特此声明作废。
遗失声明：广州某某餐饮管理有限公司遗失食品经营许可证正副本，声明作废。
遗失声明：深圳某某电子有限公司遗失开户许可证，核准号已登记，声明作废。
遗失声明：成都某某建设工程有限公司遗失建筑业企业资质证书副本，声明作废。
遗失声明：杭州某某文化传媒有限公司遗失发票专用章一枚，声明作废。
遗失声明：南京某某物流有限公司遗失道路运输经营许可证正本，声明作废。
注销公告：天津某某商贸有限公司经股东决定注销，请债权人自公告之日起45日内向清算组申报债权。
遗失声明：武汉某某医疗器械有限公司遗失医疗器械经营许可证，声明作废。
遗失声明：西安某某软件有限公司遗失营业执照副本，声明作废。
减资公告：重庆某某投资有限公司经股东会决议减少注册资本，请债权人自公告之日起45日内申报债权。
遗失声明：苏州某某机械制造有限公司遗失财务专用章一枚，声明作废。
清算组公告
本公司经股东会决议解散，成立清算组，请债权人自接到通知之日起30日内，未接到通知的自本公告之日起45日内，向清算组申报债权。
清算组
债权申报公告
本院裁定受理债务人破产清算一案，并指定管理人。债务人的债权人应自本公告之日起30日内向管理人申报债权。
上海市第三中级人民法院
上海市物业公告
根据有关规定，现就辖区内相关事项予以公告，请相关权利人自公告之日起15日内提出书面意见。
上海市物业管理公告
遗失声明本人不慎遗失身份证及相关证件，声明作废。
遗失公告：北京某某科技有限公司遗失营业执照正本，统一社会信用代码已登记，特此声明作废。
注销公告：经股东会决议，本公司拟注销，请债权人自本公告之日起45日内向本公司清算组申报债权。
减资公告：经股东会决议，本公司注册资本由原额减少，请债权人自公告之日起45日内要求本公司清偿债务或提供相应担保。
遗失声明：上海某某贸易有限公司遗失公章一枚，特此声明作废。
遗失声明：广州某某餐饮管理有限公司遗失食品经营许可证正副本，声明作废。
遗失声明：深圳某某电子有限公司遗失开户许可证，核准号已登记，声明作废。
遗失声明：成都某某建设工程有限公司遗失建筑业企业资质证书副本，声明作废。
遗失声明：杭州某某文化传媒有限公司遗失发票专用章一枚，声明作废。
遗失声明：南京某某物流有限公司遗失道路运输经营许可证正本，声明作废。
注销公告：天津某某商贸有限公司经股东决定注销，请债权人自公告之日起45日内向清算组申报债权。
遗失声明：武汉某某医疗器械有限公司遗失医疗器械经营许可证，声明作废。
遗失声明：西安某某软件有限公司遗失营业执照副本，声明作废。
减资公告：重庆某某投资有限公司经股东会决议减少注册资本，请债权人自公告之日起45日内申报债权。
遗失声明：苏州某某机械制造有限公司遗失财务专用章一枚，声明作废。
